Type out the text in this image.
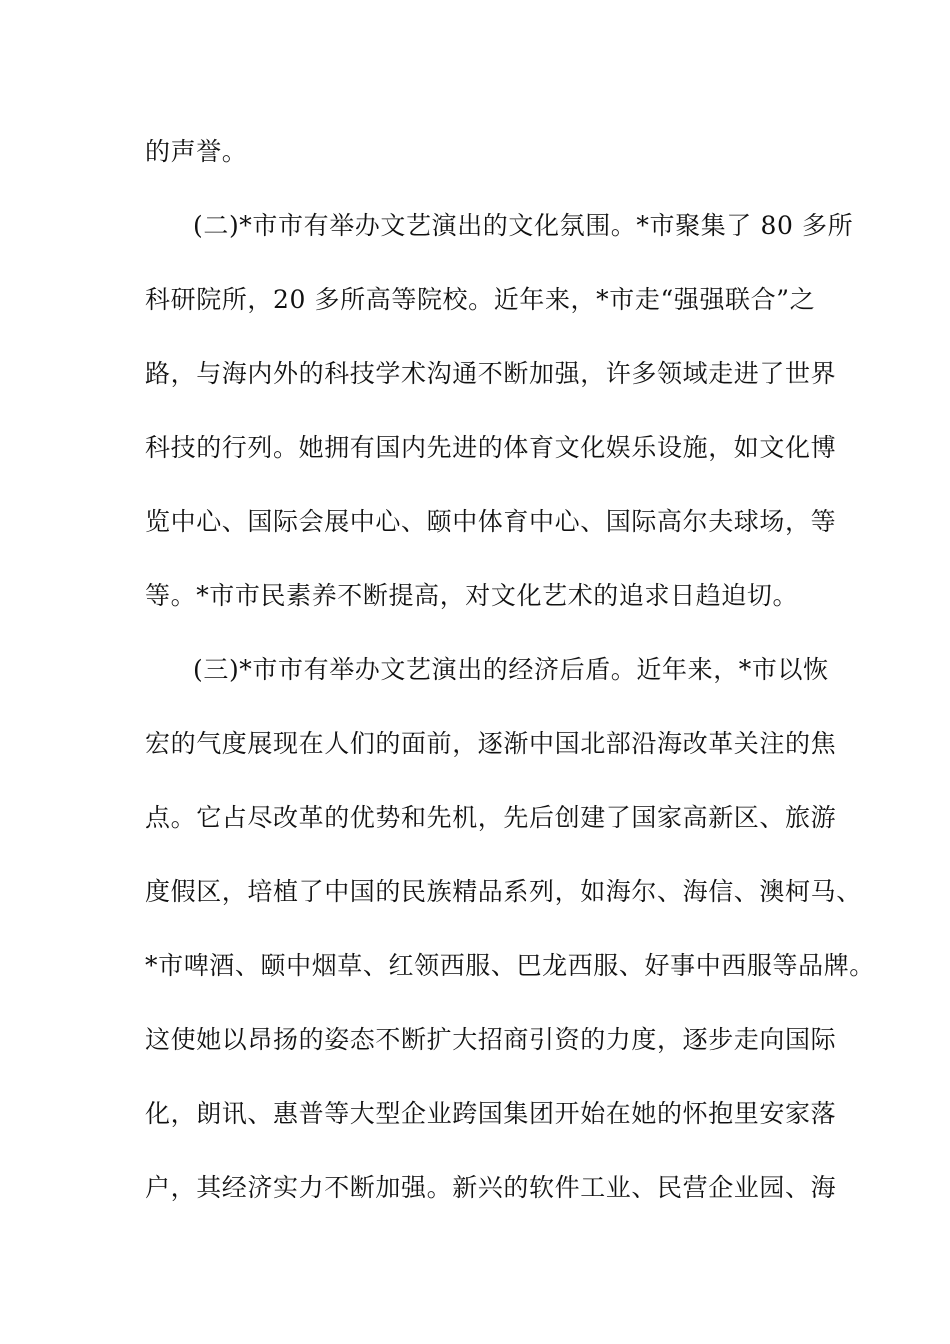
的声誉。
(二)*市市有举办文艺演出的文化氛围。*市聚集了 80 多所
科研院所，20 多所高等院校。近年来，*市走“强强联合”之
路，与海内外的科技学术沟通不断加强，许多领域走进了世界
科技的行列。她拥有国内先进的体育文化娱乐设施，如文化博
览中心、国际会展中心、颐中体育中心、国际高尔夫球场，等
等。*市市民素养不断提高，对文化艺术的追求日趋迫切。
(三)*市市有举办文艺演出的经济后盾。近年来，*市以恢
宏的气度展现在人们的面前，逐渐中国北部沿海改革关注的焦
点。它占尽改革的优势和先机，先后创建了国家高新区、旅游
度假区，培植了中国的民族精品系列，如海尔、海信、澳柯马、
*市啤酒、颐中烟草、红领西服、巴龙西服、好事中西服等品牌。
这使她以昂扬的姿态不断扩大招商引资的力度，逐步走向国际
化，朗讯、惠普等大型企业跨国集团开始在她的怀抱里安家落
户，其经济实力不断加强。新兴的软件工业、民营企业园、海
